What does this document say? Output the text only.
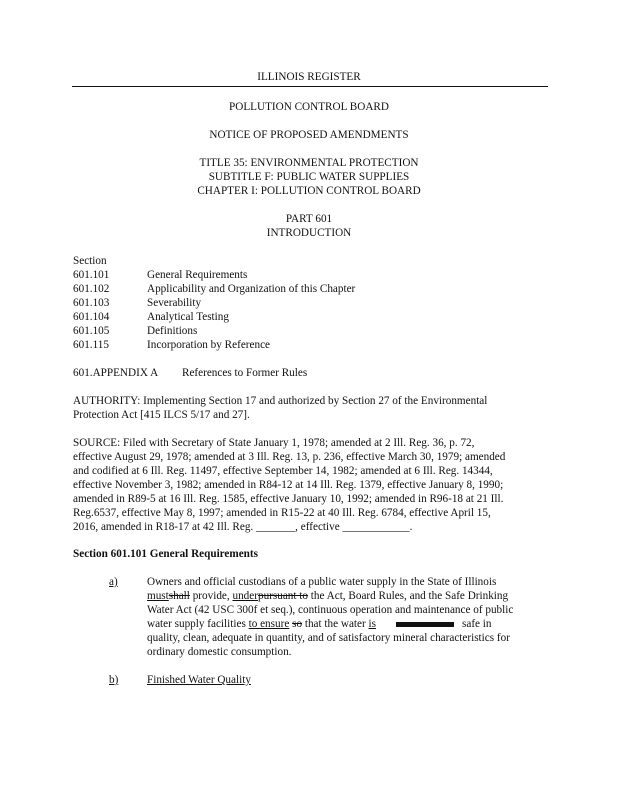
ILLINOIS REGISTER
POLLUTION CONTROL BOARD
NOTICE OF PROPOSED AMENDMENTS
TITLE 35: ENVIRONMENTAL PROTECTION
SUBTITLE F: PUBLIC WATER SUPPLIES
CHAPTER I: POLLUTION CONTROL BOARD
PART 601
INTRODUCTION
Section
601.101	General Requirements
601.102	Applicability and Organization of this Chapter
601.103	Severability
601.104	Analytical Testing
601.105	Definitions
601.115	Incorporation by Reference
601.APPENDIX A References to Former Rules
AUTHORITY: Implementing Section 17 and authorized by Section 27 of the Environmental
Protection Act [415 ILCS 5/17 and 27].
SOURCE: Filed with Secretary of State January 1, 1978; amended at 2 Ill. Reg. 36, p. 72,
effective August 29, 1978; amended at 3 Ill. Reg. 13, p. 236, effective March 30, 1979; amended
and codified at 6 Ill. Reg. 11497, effective September 14, 1982; amended at 6 Ill. Reg. 14344,
effective November 3, 1982; amended in R84-12 at 14 Ill. Reg. 1379, effective January 8, 1990;
amended in R89-5 at 16 Ill. Reg. 1585, effective January 10, 1992; amended in R96-18 at 21 Ill.
Reg.6537, effective May 8, 1997; amended in R15-22 at 40 Ill. Reg. 6784, effective April 15,
2016, amended in R18-17 at 42 Ill. Reg. _______, effective ____________.
Section 601.101 General Requirements
a)	Owners and official custodians of a public water supply in the State of Illinois
mustshall provide, underpursuant to the Act, Board Rules, and the Safe Drinking
Water Act (42 USC 300f et seq.), continuous operation and maintenance of public
water supply facilities to ensure so that the water is	safe in
quality, clean, adequate in quantity, and of satisfactory mineral characteristics for
ordinary domestic consumption.
b)	Finished Water Quality
